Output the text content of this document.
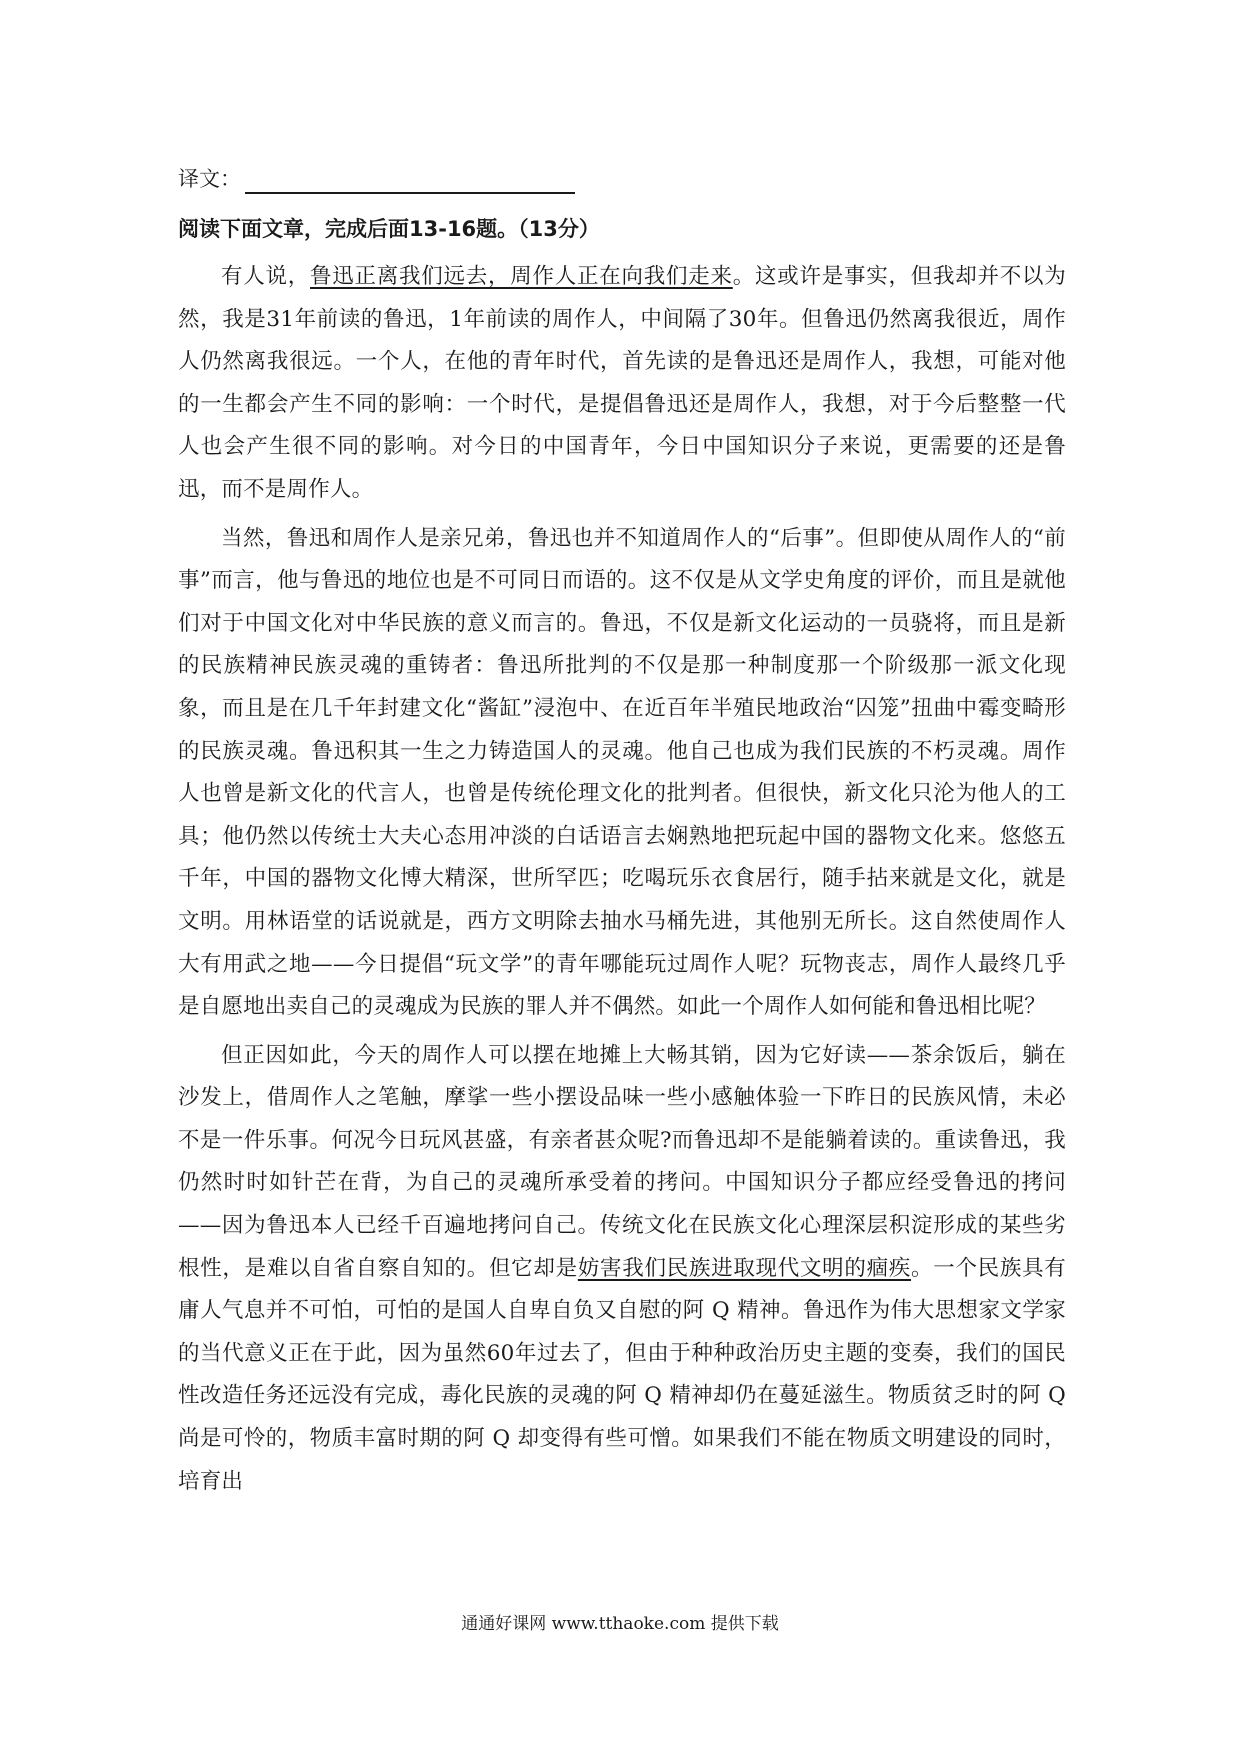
译文：
阅读下面文章，完成后面13-16题。（13分）

有人说，鲁迅正离我们远去，周作人正在向我们走来。这或许是事实，但我却并不以为然，我是31年前读的鲁迅，1年前读的周作人，中间隔了30年。但鲁迅仍然离我很近，周作人仍然离我很远。一个人，在他的青年时代，首先读的是鲁迅还是周作人，我想，可能对他的一生都会产生不同的影响：一个时代，是提倡鲁迅还是周作人，我想，对于今后整整一代人也会产生很不同的影响。对今日的中国青年，今日中国知识分子来说，更需要的还是鲁迅，而不是周作人。

当然，鲁迅和周作人是亲兄弟，鲁迅也并不知道周作人的“后事”。但即使从周作人的“前事”而言，他与鲁迅的地位也是不可同日而语的。这不仅是从文学史角度的评价，而且是就他们对于中国文化对中华民族的意义而言的。鲁迅，不仅是新文化运动的一员骁将，而且是新的民族精神民族灵魂的重铸者：鲁迅所批判的不仅是那一种制度那一个阶级那一派文化现象，而且是在几千年封建文化“酱缸”浸泡中、在近百年半殖民地政治“囚笼”扭曲中霉变畸形的民族灵魂。鲁迅积其一生之力铸造国人的灵魂。他自己也成为我们民族的不朽灵魂。周作人也曾是新文化的代言人，也曾是传统伦理文化的批判者。但很快，新文化只沦为他人的工具；他仍然以传统士大夫心态用冲淡的白话语言去娴熟地把玩起中国的器物文化来。悠悠五千年，中国的器物文化博大精深，世所罕匹；吃喝玩乐衣食居行，随手拈来就是文化，就是文明。用林语堂的话说就是，西方文明除去抽水马桶先进，其他别无所长。这自然使周作人大有用武之地——今日提倡“玩文学”的青年哪能玩过周作人呢？玩物丧志，周作人最终几乎是自愿地出卖自己的灵魂成为民族的罪人并不偶然。如此一个周作人如何能和鲁迅相比呢？

但正因如此，今天的周作人可以摆在地摊上大畅其销，因为它好读——茶余饭后，躺在沙发上，借周作人之笔触，摩挲一些小摆设品味一些小感触体验一下昨日的民族风情，未必不是一件乐事。何况今日玩风甚盛，有亲者甚众呢?而鲁迅却不是能躺着读的。重读鲁迅，我仍然时时如针芒在背，为自己的灵魂所承受着的拷问。中国知识分子都应经受鲁迅的拷问——因为鲁迅本人已经千百遍地拷问自己。传统文化在民族文化心理深层积淀形成的某些劣根性，是难以自省自察自知的。但它却是妨害我们民族进取现代文明的痼疾。一个民族具有庸人气息并不可怕，可怕的是国人自卑自负又自慰的阿 Q 精神。鲁迅作为伟大思想家文学家的当代意义正在于此，因为虽然60年过去了，但由于种种政治历史主题的变奏，我们的国民性改造任务还远没有完成，毒化民族的灵魂的阿 Q 精神却仍在蔓延滋生。物质贫乏时的阿 Q 尚是可怜的，物质丰富时期的阿 Q 却变得有些可憎。如果我们不能在物质文明建设的同时，培育出

通通好课网 www.tthaoke.com 提供下载
